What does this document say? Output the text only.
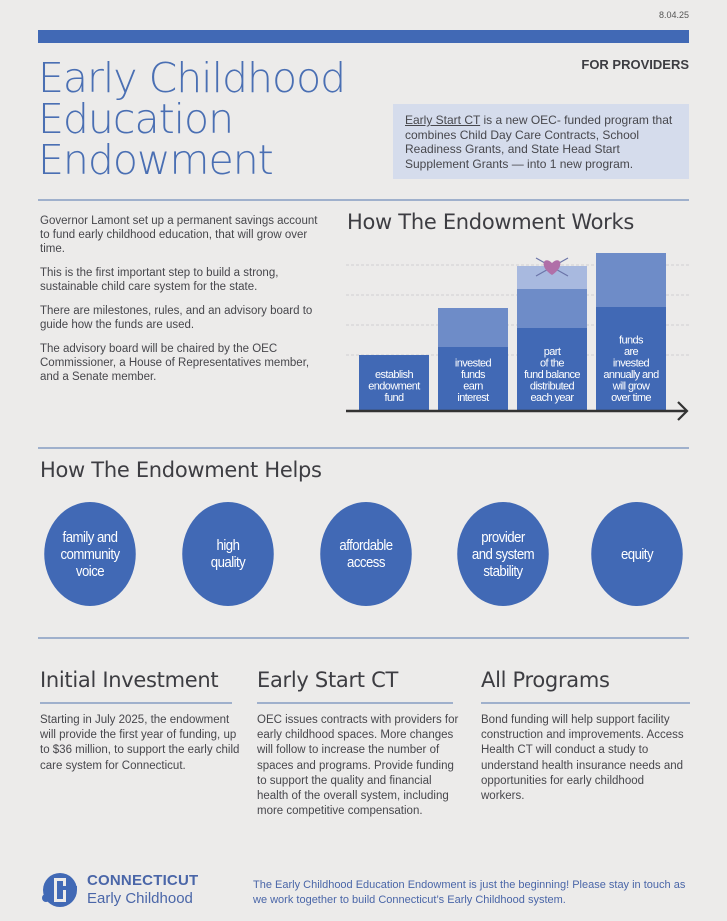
8.04.25
Early Childhood
Education
Endowment
FOR PROVIDERS
Early Start CT is a new OEC- funded program that combines Child Day Care Contracts, School Readiness Grants, and State Head Start Supplement Grants — into 1 new program.

Governor Lamont set up a permanent savings account to fund early childhood education, that will grow over time.

This is the first important step to build a strong, sustainable child care system for the state.

There are milestones, rules, and an advisory board to guide how the funds are used.

The advisory board will be chaired by the OEC Commissioner, a House of Representatives member, and a Senate member.

How The Endowment Works
establish
endowment
fund
invested
funds
earn
interest
part
of the
fund balance
distributed
each year
funds
are
invested
annually and
will grow
over time
How The Endowment Helps
family and
community
voice
high
quality
affordable
access
provider
and system
stability
equity
Initial Investment
Starting in July 2025, the endowment will provide the first year of funding, up to $36 million, to support the early child care system for Connecticut.
Early Start CT
OEC issues contracts with providers for early childhood spaces. More changes will follow to increase the number of spaces and programs. Provide funding to support the quality and financial health of the overall system, including more competitive compensation.
All Programs
Bond funding will help support facility construction and improvements. Access Health CT will conduct a study to understand health insurance needs and opportunities for early childhood workers.
CONNECTICUT
Early Childhood
The Early Childhood Education Endowment is just the beginning! Please stay in touch as we work together to build Connecticut’s Early Childhood system.
